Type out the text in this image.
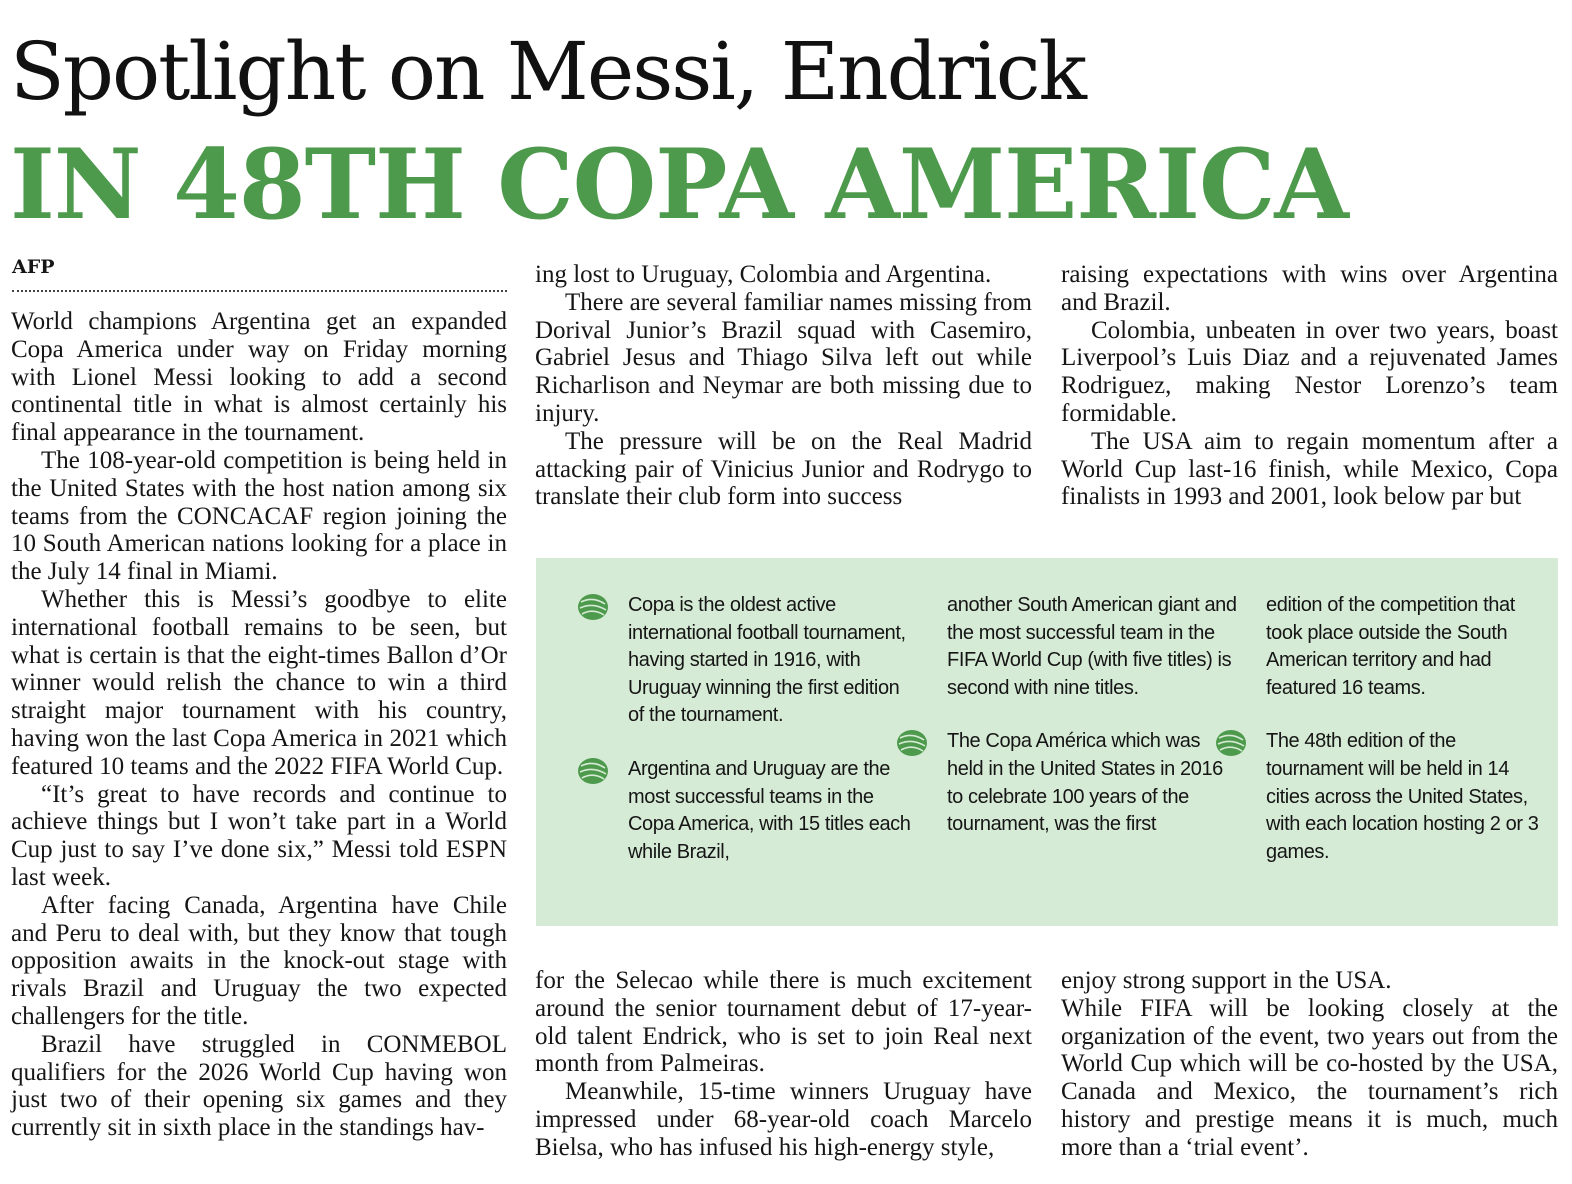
Spotlight on Messi, Endrick
IN 48TH COPA AMERICA
AFP

World champions Argentina get an expanded Copa America under way on Friday morning with Lionel Messi looking to add a second continental title in what is almost certainly his final appearance in the tournament.

The 108-year-old competition is being held in the United States with the host nation among six teams from the CONCACAF region joining the 10 South American nations looking for a place in the July 14 final in Miami.

Whether this is Messi’s goodbye to elite international football remains to be seen, but what is certain is that the eight-times Ballon d’Or winner would relish the chance to win a third straight major tournament with his country, having won the last Copa America in 2021 which featured 10 teams and the 2022 FIFA World Cup.

“It’s great to have records and continue to achieve things but I won’t take part in a World Cup just to say I’ve done six,” Messi told ESPN last week.

After facing Canada, Argentina have Chile and Peru to deal with, but they know that tough opposition awaits in the knock-out stage with rivals Brazil and Uruguay the two expected challengers for the title.

Brazil have struggled in CONMEBOL qualifiers for the 2026 World Cup having won just two of their opening six games and they currently sit in sixth place in the standings hav-

ing lost to Uruguay, Colombia and Argentina.

There are several familiar names missing from Dorival Junior’s Brazil squad with Casemiro, Gabriel Jesus and Thiago Silva left out while Richarlison and Neymar are both missing due to injury.

The pressure will be on the Real Madrid attacking pair of Vinicius Junior and Rodrygo to translate their club form into success

raising expectations with wins over Argentina and Brazil.

Colombia, unbeaten in over two years, boast Liverpool’s Luis Diaz and a rejuvenated James Rodriguez, making Nestor Lorenzo’s team formidable.

The USA aim to regain momentum after a World Cup last-16 finish, while Mexico, Copa finalists in 1993 and 2001, look below par but

Copa is the oldest active international football tournament, having started in 1916, with Uruguay winning the first edition of the tournament.
Argentina and Uruguay are the most successful teams in the Copa America, with 15 titles each while Brazil,
another South American giant and the most successful team in the FIFA World Cup (with five titles) is second with nine titles.
The Copa América which was held in the United States in 2016 to celebrate 100 years of the tournament, was the first
edition of the competition that took place outside the South American territory and had featured 16 teams.
The 48th edition of the tournament will be held in 14 cities across the United States, with each location hosting 2 or 3 games.

for the Selecao while there is much excitement around the senior tournament debut of 17-year-old talent Endrick, who is set to join Real next month from Palmeiras.

Meanwhile, 15-time winners Uruguay have impressed under 68-year-old coach Marcelo Bielsa, who has infused his high-energy style,

enjoy strong support in the USA.

While FIFA will be looking closely at the organization of the event, two years out from the World Cup which will be co-hosted by the USA, Canada and Mexico, the tournament’s rich history and prestige means it is much, much more than a ‘trial event’.
